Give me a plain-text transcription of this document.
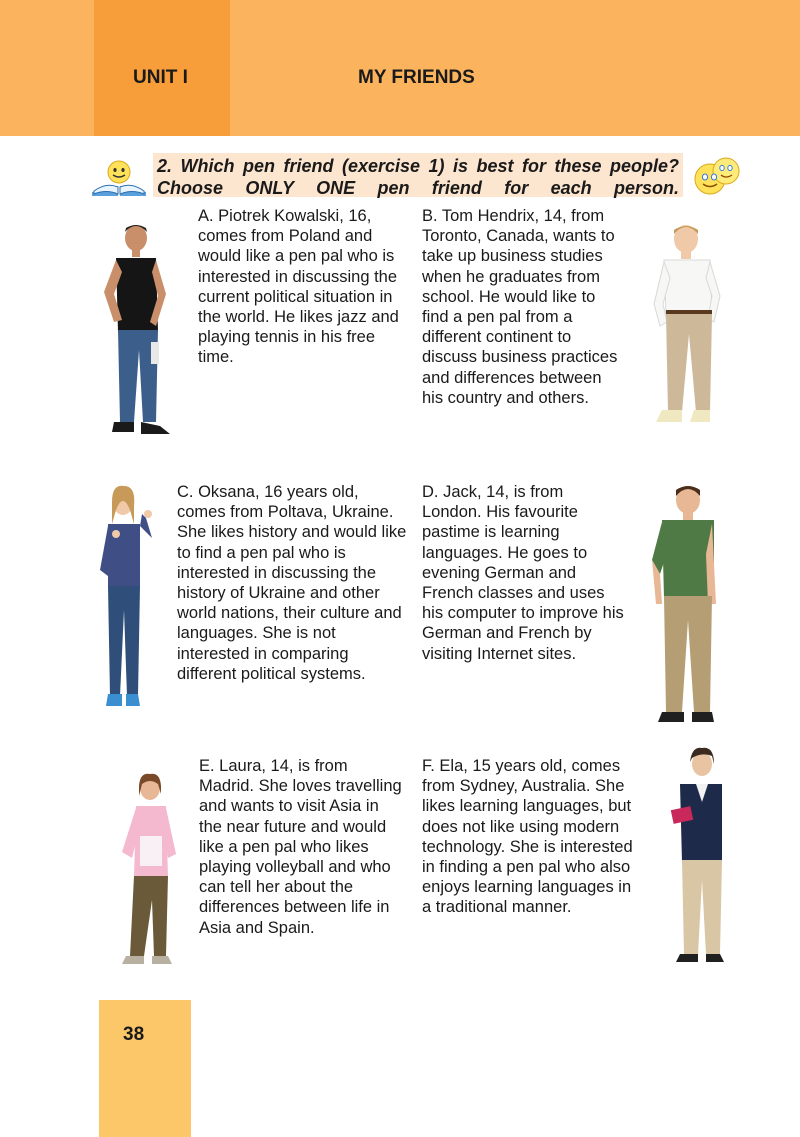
UNIT I	MY FRIENDS

2. Which pen friend (exercise 1) is best for these people? Choose ONLY ONE pen friend for each person.

A. Piotrek Kowalski, 16, comes from Poland and would like a pen pal who is interested in discussing the current political situation in the world. He likes jazz and playing tennis in his free time.

B. Tom Hendrix, 14, from Toronto, Canada, wants to take up business studies when he graduates from school. He would like to find a pen pal from a different continent to discuss business practices and differences between his country and others.

C. Oksana, 16 years old, comes from Poltava, Ukraine. She likes history and would like to find a pen pal who is interested in discussing the history of Ukraine and other world nations, their culture and languages. She is not interested in comparing different political systems.

D. Jack, 14, is from London. His favourite pastime is learning languages. He goes to evening German and French classes and uses his computer to improve his German and French by visiting Internet sites.

E. Laura, 14, is from Madrid. She loves travelling and wants to visit Asia in the near future and would like a pen pal who likes playing volleyball and who can tell her about the differences between life in Asia and Spain.

F. Ela, 15 years old, comes from Sydney, Australia. She likes learning languages, but does not like using modern technology. She is interested in finding a pen pal who also enjoys learning languages in a traditional manner.

38
